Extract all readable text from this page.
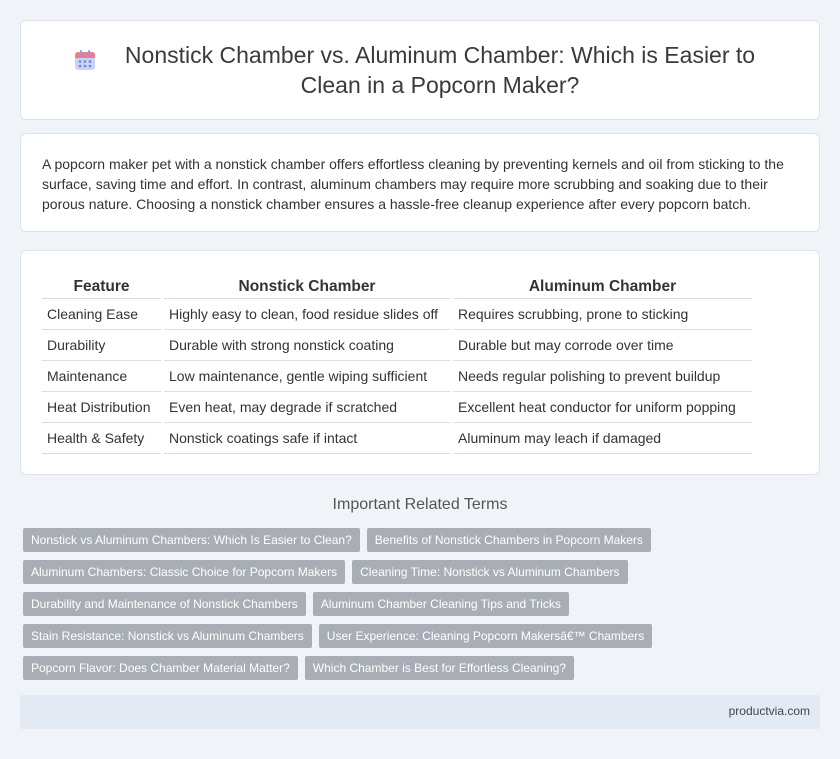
Nonstick Chamber vs. Aluminum Chamber: Which is Easier to Clean in a Popcorn Maker?

A popcorn maker pet with a nonstick chamber offers effortless cleaning by preventing kernels and oil from sticking to the surface, saving time and effort. In contrast, aluminum chambers may require more scrubbing and soaking due to their porous nature. Choosing a nonstick chamber ensures a hassle-free cleanup experience after every popcorn batch.

Feature		Nonstick Chamber		Aluminum Chamber
Cleaning Ease		Highly easy to clean, food residue slides off		Requires scrubbing, prone to sticking
Durability		Durable with strong nonstick coating		Durable but may corrode over time
Maintenance		Low maintenance, gentle wiping sufficient		Needs regular polishing to prevent buildup
Heat Distribution		Even heat, may degrade if scratched		Excellent heat conductor for uniform popping
Health & Safety		Nonstick coatings safe if intact		Aluminum may leach if damaged
Important Related Terms
Nonstick vs Aluminum Chambers: Which Is Easier to Clean?	Benefits of Nonstick Chambers in Popcorn Makers
Aluminum Chambers: Classic Choice for Popcorn Makers	Cleaning Time: Nonstick vs Aluminum Chambers
Durability and Maintenance of Nonstick Chambers	Aluminum Chamber Cleaning Tips and Tricks
Stain Resistance: Nonstick vs Aluminum Chambers	User Experience: Cleaning Popcorn Makersâ€™ Chambers
Popcorn Flavor: Does Chamber Material Matter?	Which Chamber is Best for Effortless Cleaning?
productvia.com
